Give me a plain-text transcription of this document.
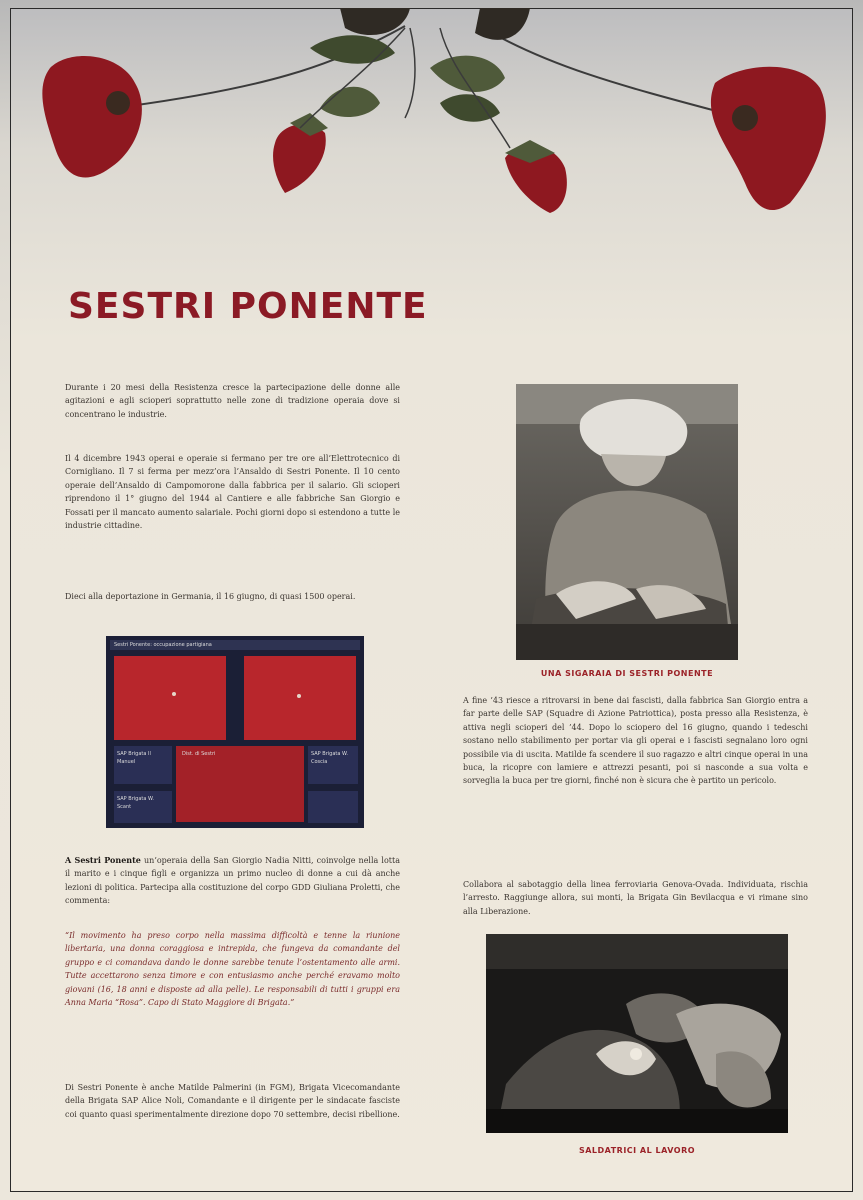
SESTRI PONENTE
Durante i 20 mesi della Resistenza cresce la partecipazione delle donne alle agitazioni e agli scioperi soprattutto nelle zone di tradizione operaia dove si concentrano le industrie.
Il 4 dicembre 1943 operai e operaie si fermano per tre ore all’Elettrotecnico di Cornigliano. Il 7 si ferma per mezz’ora l’Ansaldo di Sestri Ponente. Il 10 cento operaie dell’Ansaldo di Campomorone dalla fabbrica per il salario. Gli scioperi riprendono il 1° giugno del 1944 al Cantiere e alle fabbriche San Giorgio e Fossati per il mancato aumento salariale. Pochi giorni dopo si estendono a tutte le industrie cittadine.
Dieci alla deportazione in Germania, il 16 giugno, di quasi 1500 operai.
Sestri Ponente: occupazione partigiana
SAP Brigata Il Manuel
Dist. di Sestri	SAP Brigata W. Coscia
SAP Brigata W. Scant
A Sestri Ponente un’operaia della San Giorgio Nadia Nitti, coinvolge nella lotta il marito e i cinque figli e organizza un primo nucleo di donne a cui dà anche lezioni di politica. Partecipa alla costituzione del corpo GDD Giuliana Proletti, che commenta:
“Il movimento ha preso corpo nella massima difficoltà e tenne la riunione libertaria, una donna coraggiosa e intrepida, che fungeva da comandante del gruppo e ci comandava dando le donne sarebbe tenute l’ostentamento alle armi. Tutte accettarono senza timore e con entusiasmo anche perché eravamo molto giovani (16, 18 anni e disposte ad alla pelle). Le responsabili di tutti i gruppi era Anna Maria “Rosa”. Capo di Stato Maggiore di Brigata.”
Di Sestri Ponente è anche Matilde Palmerini (in FGM), Brigata Vicecomandante della Brigata SAP Alice Noli, Comandante e il dirigente per le sindacate fasciste coi quanto quasi sperimentalmente direzione dopo 70 settembre, decisi ribellione.
UNA SIGARAIA DI SESTRI PONENTE
A fine ’43 riesce a ritrovarsi in bene dai fascisti, dalla fabbrica San Giorgio entra a far parte delle SAP (Squadre di Azione Patriottica), posta presso alla Resistenza, è attiva negli scioperi del ’44. Dopo lo sciopero del 16 giugno, quando i tedeschi sostano nello stabilimento per portar via gli operai e i fascisti segnalano loro ogni possibile via di uscita. Matilde fa scendere il suo ragazzo e altri cinque operai in una buca, la ricopre con lamiere e attrezzi pesanti, poi si nasconde a sua volta e sorveglia la buca per tre giorni, finché non è sicura che è partito un pericolo.
Collabora al sabotaggio della linea ferroviaria Genova-Ovada. Individuata, rischia l’arresto. Raggiunge allora, sui monti, la Brigata Gin Bevilacqua e vi rimane sino alla Liberazione.
SALDATRICI AL LAVORO
